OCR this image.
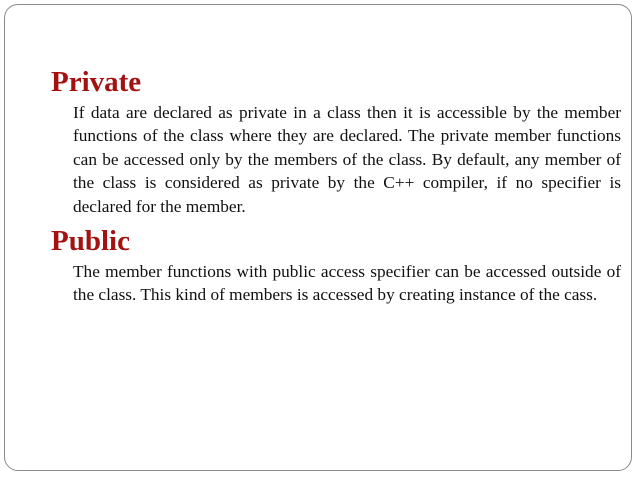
Private

If data are declared as private in a class then it is accessible by the member functions of the class where they are declared. The private member functions can be accessed only by the members of the class. By default, any member of the class is considered as private by the C++ compiler, if no specifier is declared for the member.

Public

The member functions with public access specifier can be accessed outside of the class. This kind of members is accessed by creating instance of the cass.
